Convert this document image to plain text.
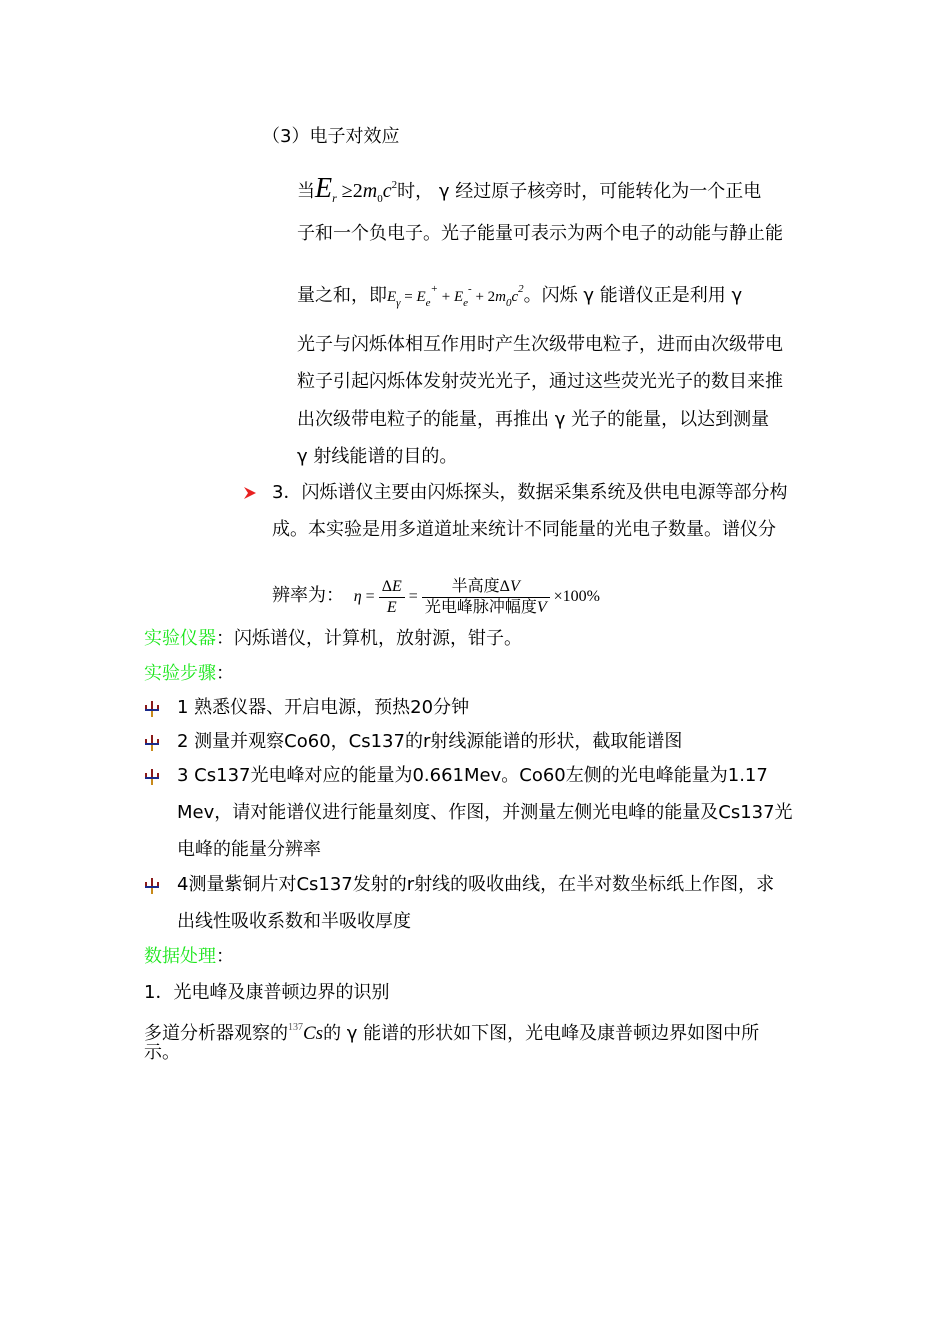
（3）电子对效应
当$E_r \ge 2m_0c^2$时， γ 经过原子核旁时，可能转化为一个正电
子和一个负电子。光子能量可表示为两个电子的动能与静止能
量之和，即$E_\gamma = E_e^+ + E_e^- + 2m_0c^2$。闪烁 γ 能谱仪正是利用 γ
光子与闪烁体相互作用时产生次级带电粒子，进而由次级带电
粒子引起闪烁体发射荧光光子，通过这些荧光光子的数目来推
出次级带电粒子的能量，再推出 γ 光子的能量，以达到测量
γ 射线能谱的目的。
3．闪烁谱仪主要由闪烁探头，数据采集系统及供电电源等部分构
成。本实验是用多道道址来统计不同能量的光电子数量。谱仪分
辨率为： $\eta = \frac{\Delta E}{E} = \frac{\text{半高度ΔV}}{\text{光电峰脉冲幅度V}} \times 100\%$
实验仪器：闪烁谱仪，计算机，放射源，钳子。
实验步骤：
1 熟悉仪器、开启电源，预热20分钟
2 测量并观察Co60，Cs137的r射线源能谱的形状，截取能谱图
3 Cs137光电峰对应的能量为0.661Mev。Co60左侧的光电峰能量为1.17
Mev，请对能谱仪进行能量刻度、作图，并测量左侧光电峰的能量及Cs137光
电峰的能量分辨率
4测量紫铜片对Cs137发射的r射线的吸收曲线，在半对数坐标纸上作图，求
出线性吸收系数和半吸收厚度
数据处理：
1．光电峰及康普顿边界的识别
多道分析器观察的$^{137}$Cs的 γ 能谱的形状如下图，光电峰及康普顿边界如图中所
示。
